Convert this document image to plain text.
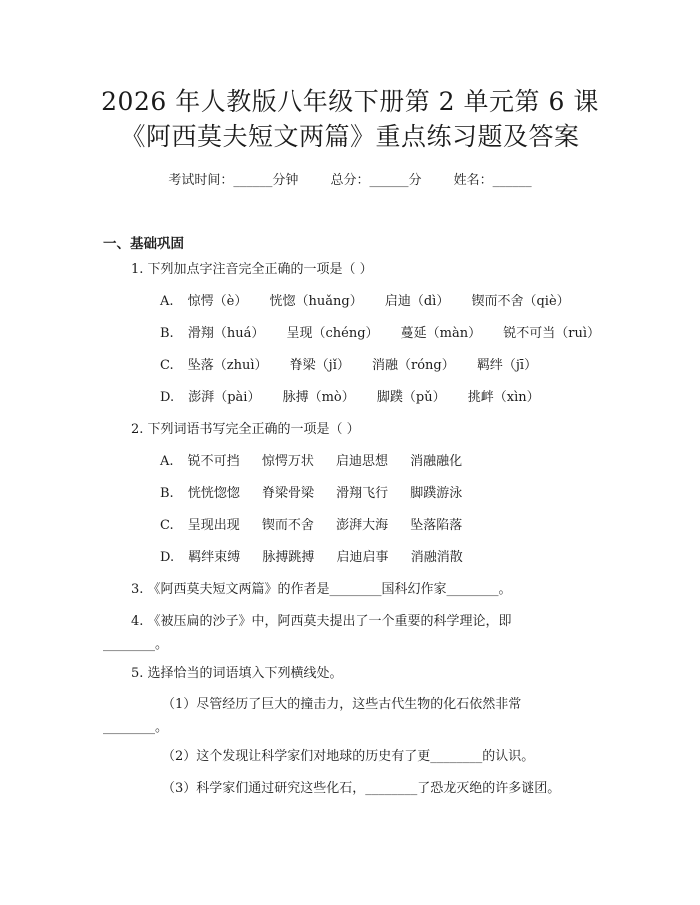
2026 年人教版八年级下册第 2 单元第 6 课
《阿西莫夫短文两篇》重点练习题及答案
考试时间：______分钟 总分：______分 姓名：______
一、基础巩固
1. 下列加点字注音完全正确的一项是（ ）
A. 惊愕（è） 恍惚（huǎng） 启迪（dì） 锲而不舍（qiè）
B. 滑翔（huá） 呈现（chéng） 蔓延（màn） 锐不可当（ruì）
C. 坠落（zhuì） 脊梁（jǐ） 消融（róng） 羁绊（jī）
D. 澎湃（pài） 脉搏（mò） 脚蹼（pǔ） 挑衅（xìn）
2. 下列词语书写完全正确的一项是（ ）
A. 锐不可挡 惊愕万状 启迪思想 消融融化
B. 恍恍惚惚 脊梁骨梁 滑翔飞行 脚蹼游泳
C. 呈现出现 锲而不舍 澎湃大海 坠落陷落
D. 羁绊束缚 脉搏跳搏 启迪启事 消融消散
3. 《阿西莫夫短文两篇》的作者是________国科幻作家________。
4. 《被压扁的沙子》中，阿西莫夫提出了一个重要的科学理论，即
________。
5. 选择恰当的词语填入下列横线处。
（1）尽管经历了巨大的撞击力，这些古代生物的化石依然非常
________。
（2）这个发现让科学家们对地球的历史有了更________的认识。
（3）科学家们通过研究这些化石，________了恐龙灭绝的许多谜团。
